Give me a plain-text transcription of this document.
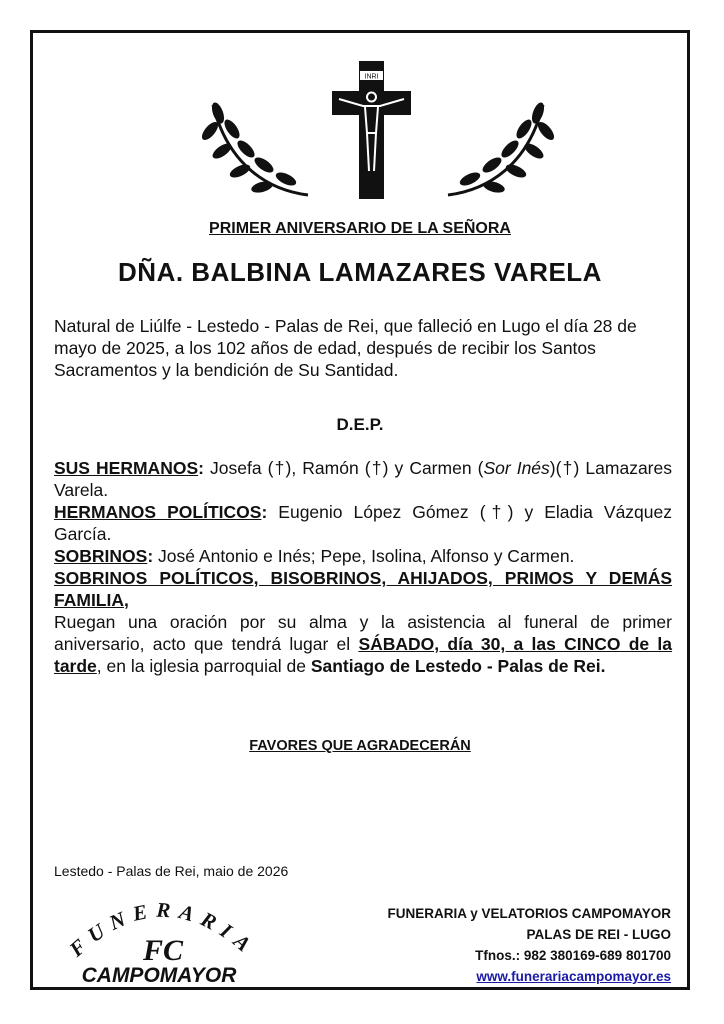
INRI
PRIMER ANIVERSARIO DE LA SEÑORA
DÑA. BALBINA LAMAZARES VARELA
Natural de Liúlfe - Lestedo - Palas de Rei, que falleció en Lugo el día 28 de mayo de 2025, a los 102 años de edad, después de recibir los Santos Sacramentos y la bendición de Su Santidad.
D.E.P.
SUS HERMANOS: Josefa (†), Ramón (†) y Carmen (Sor Inés)(†) Lamazares Varela.
HERMANOS POLÍTICOS: Eugenio López Gómez (†) y Eladia Vázquez García.
SOBRINOS: José Antonio e Inés; Pepe, Isolina, Alfonso y Carmen.
SOBRINOS POLÍTICOS, BISOBRINOS, AHIJADOS, PRIMOS Y DEMÁS FAMILIA,
Ruegan una oración por su alma y la asistencia al funeral de primer aniversario, acto que tendrá lugar el SÁBADO, día 30, a las CINCO de la tarde, en la iglesia parroquial de Santiago de Lestedo - Palas de Rei.
FAVORES QUE AGRADECERÁN
Lestedo - Palas de Rei, maio de 2026
FUNERARIA
FC
CAMPOMAYOR
FUNERARIA y VELATORIOS CAMPOMAYOR
PALAS DE REI - LUGO
Tfnos.: 982 380169-689 801700
www.funerariacampomayor.es
